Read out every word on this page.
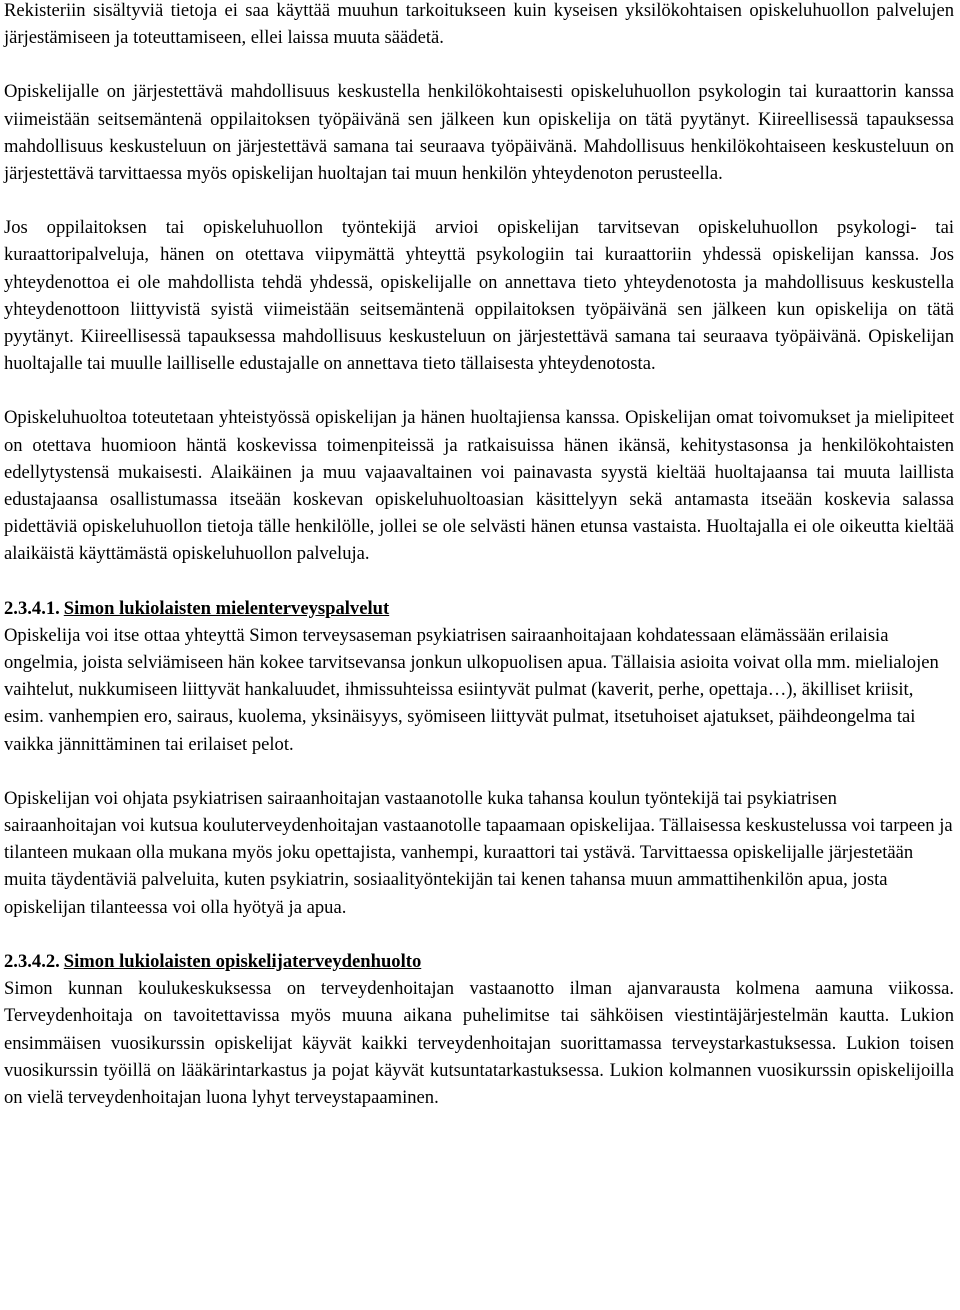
Rekisteriin sisältyviä tietoja ei saa käyttää muuhun tarkoitukseen kuin kyseisen yksilökohtaisen opiskeluhuollon palvelujen järjestämiseen ja toteuttamiseen, ellei laissa muuta säädetä.

Opiskelijalle on järjestettävä mahdollisuus keskustella henkilökohtaisesti opiskeluhuollon psykologin tai kuraattorin kanssa viimeistään seitsemäntenä oppilaitoksen työpäivänä sen jälkeen kun opiskelija on tätä pyytänyt. Kiireellisessä tapauksessa mahdollisuus keskusteluun on järjestettävä samana tai seuraava työpäivänä. Mahdollisuus henkilökohtaiseen keskusteluun on järjestettävä tarvittaessa myös opiskelijan huoltajan tai muun henkilön yhteydenoton perusteella.

Jos oppilaitoksen tai opiskeluhuollon työntekijä arvioi opiskelijan tarvitsevan opiskeluhuollon psykologi- tai kuraattoripalveluja, hänen on otettava viipymättä yhteyttä psykologiin tai kuraattoriin yhdessä opiskelijan kanssa. Jos yhteydenottoa ei ole mahdollista tehdä yhdessä, opiskelijalle on annettava tieto yhteydenotosta ja mahdollisuus keskustella yhteydenottoon liittyvistä syistä viimeistään seitsemäntenä oppilaitoksen työpäivänä sen jälkeen kun opiskelija on tätä pyytänyt. Kiireellisessä tapauksessa mahdollisuus keskusteluun on järjestettävä samana tai seuraava työpäivänä. Opiskelijan huoltajalle tai muulle lailliselle edustajalle on annettava tieto tällaisesta yhteydenotosta.

Opiskeluhuoltoa toteutetaan yhteistyössä opiskelijan ja hänen huoltajiensa kanssa. Opiskelijan omat toivomukset ja mielipiteet on otettava huomioon häntä koskevissa toimenpiteissä ja ratkaisuissa hänen ikänsä, kehitystasonsa ja henkilökohtaisten edellytystensä mukaisesti. Alaikäinen ja muu vajaavaltainen voi painavasta syystä kieltää huoltajaansa tai muuta laillista edustajaansa osallistumassa itseään koskevan opiskeluhuoltoasian käsittelyyn sekä antamasta itseään koskevia salassa pidettäviä opiskeluhuollon tietoja tälle henkilölle, jollei se ole selvästi hänen etunsa vastaista. Huoltajalla ei ole oikeutta kieltää alaikäistä käyttämästä opiskeluhuollon palveluja.

2.3.4.1. Simon lukiolaisten mielenterveyspalvelut

Opiskelija voi itse ottaa yhteyttä Simon terveysaseman psykiatrisen sairaanhoitajaan kohdatessaan elämässään erilaisia ongelmia, joista selviämiseen hän kokee tarvitsevansa jonkun ulkopuolisen apua. Tällaisia asioita voivat olla mm. mielialojen vaihtelut, nukkumiseen liittyvät hankaluudet, ihmissuhteissa esiintyvät pulmat (kaverit, perhe, opettaja…), äkilliset kriisit, esim. vanhempien ero, sairaus, kuolema, yksinäisyys, syömiseen liittyvät pulmat, itsetuhoiset ajatukset, päihdeongelma tai vaikka jännittäminen tai erilaiset pelot.

Opiskelijan voi ohjata psykiatrisen sairaanhoitajan vastaanotolle kuka tahansa koulun työntekijä tai psykiatrisen sairaanhoitajan voi kutsua kouluterveydenhoitajan vastaanotolle tapaamaan opiskelijaa. Tällaisessa keskustelussa voi tarpeen ja tilanteen mukaan olla mukana myös joku opettajista, vanhempi, kuraattori tai ystävä. Tarvittaessa opiskelijalle järjestetään muita täydentäviä palveluita, kuten psykiatrin, sosiaalityöntekijän tai kenen tahansa muun ammattihenkilön apua, josta opiskelijan tilanteessa voi olla hyötyä ja apua.

2.3.4.2. Simon lukiolaisten opiskelijaterveydenhuolto

Simon kunnan koulukeskuksessa on terveydenhoitajan vastaanotto ilman ajanvarausta kolmena aamuna viikossa. Terveydenhoitaja on tavoitettavissa myös muuna aikana puhelimitse tai sähköisen viestintäjärjestelmän kautta. Lukion ensimmäisen vuosikurssin opiskelijat käyvät kaikki terveydenhoitajan suorittamassa terveystarkastuksessa. Lukion toisen vuosikurssin työillä on lääkärintarkastus ja pojat käyvät kutsuntatarkastuksessa. Lukion kolmannen vuosikurssin opiskelijoilla on vielä terveydenhoitajan luona lyhyt terveystapaaminen.
